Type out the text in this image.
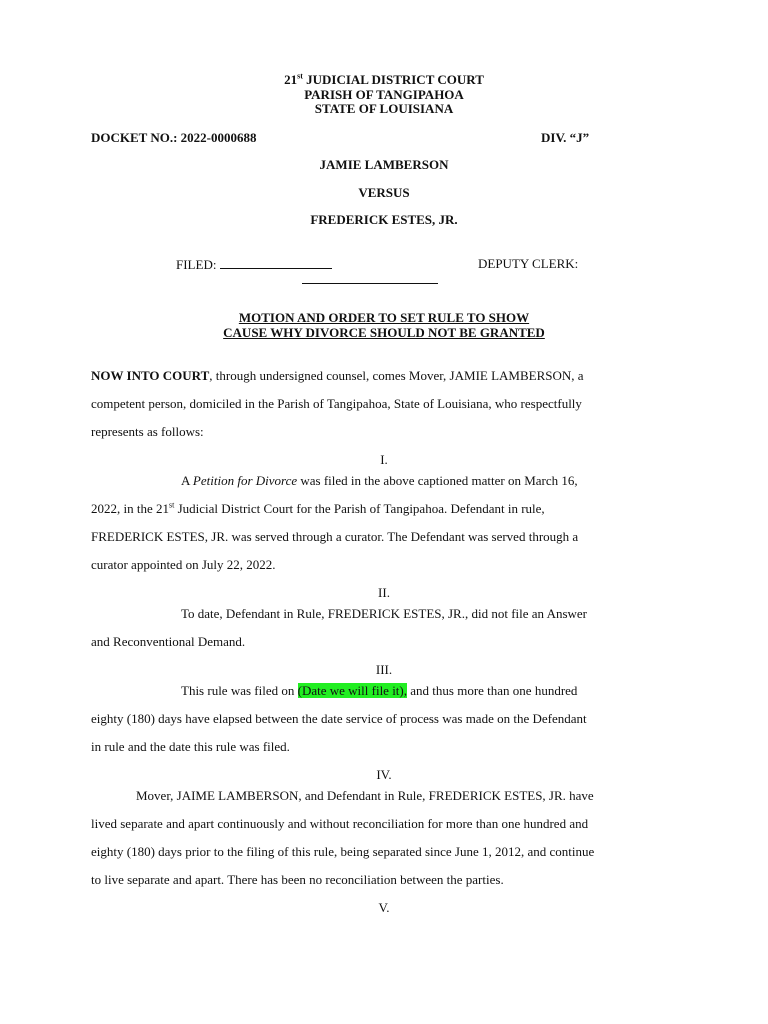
21st JUDICIAL DISTRICT COURT
PARISH OF TANGIPAHOA
STATE OF LOUISIANA
DOCKET NO.: 2022-0000688	DIV. “J”
JAMIE LAMBERSON
VERSUS
FREDERICK ESTES, JR.
FILED:	DEPUTY CLERK:
MOTION AND ORDER TO SET RULE TO SHOW
CAUSE WHY DIVORCE SHOULD NOT BE GRANTED
NOW INTO COURT, through undersigned counsel, comes Mover, JAMIE LAMBERSON, a
competent person, domiciled in the Parish of Tangipahoa, State of Louisiana, who respectfully
represents as follows:
I.
A Petition for Divorce was filed in the above captioned matter on March 16,
2022, in the 21st Judicial District Court for the Parish of Tangipahoa. Defendant in rule,
FREDERICK ESTES, JR. was served through a curator. The Defendant was served through a
curator appointed on July 22, 2022.
II.
To date, Defendant in Rule, FREDERICK ESTES, JR., did not file an Answer
and Reconventional Demand.
III.
This rule was filed on (Date we will file it), and thus more than one hundred
eighty (180) days have elapsed between the date service of process was made on the Defendant
in rule and the date this rule was filed.
IV.
Mover, JAIME LAMBERSON, and Defendant in Rule, FREDERICK ESTES, JR. have
lived separate and apart continuously and without reconciliation for more than one hundred and
eighty (180) days prior to the filing of this rule, being separated since June 1, 2012, and continue
to live separate and apart. There has been no reconciliation between the parties.
V.
